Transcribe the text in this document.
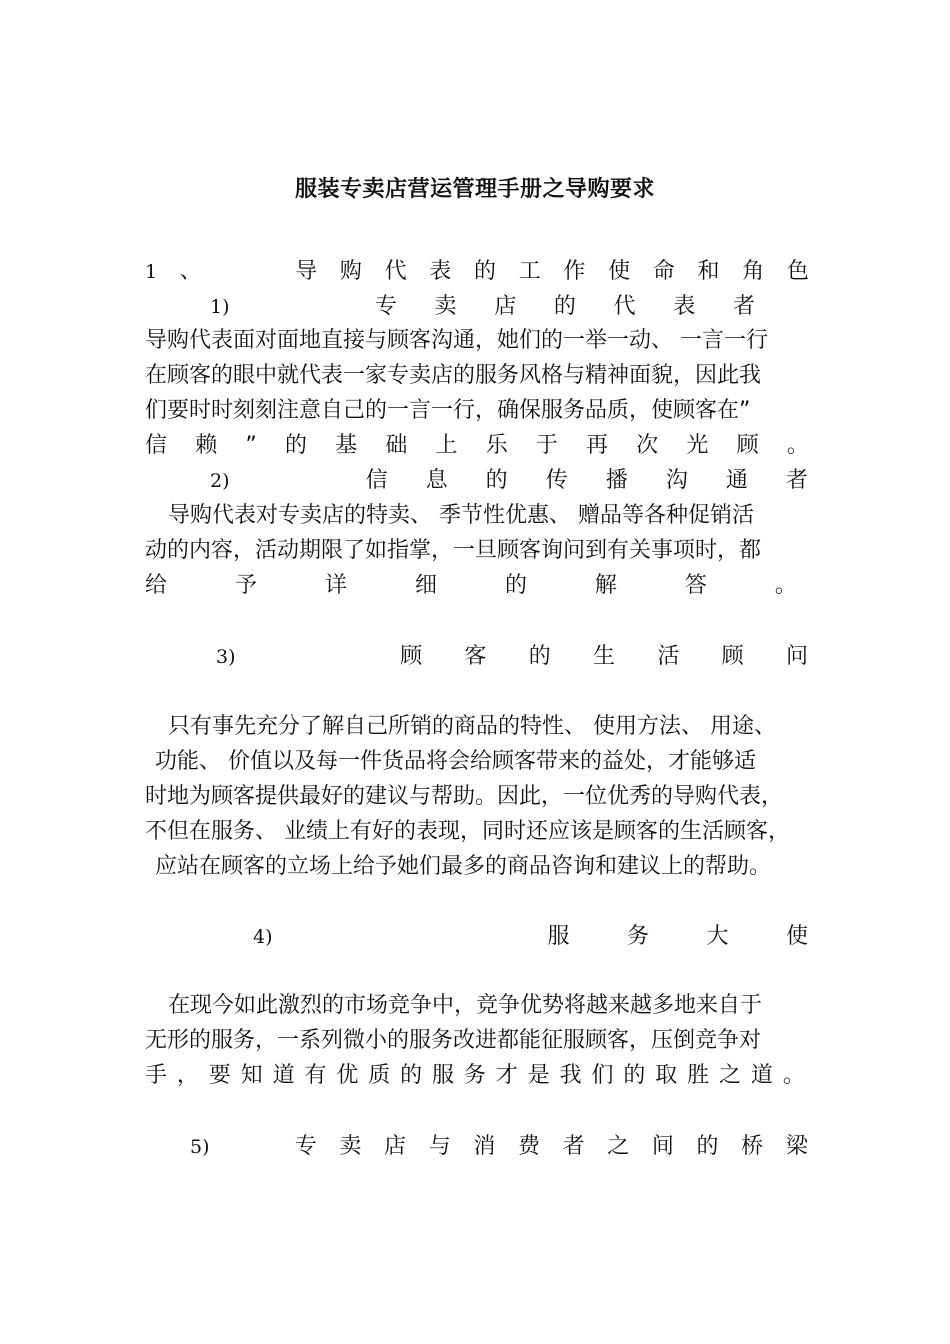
服装专卖店营运管理手册之导购要求
1 、	导 购 代 表 的 工 作 使 命 和 角 色
1)	专 卖 店 的 代 表 者
导购代表面对面地直接与顾客沟通，她们的一举一动、 一言一行
在顾客的眼中就代表一家专卖店的服务风格与精神面貌，因此我
们要时时刻刻注意自己的一言一行，确保服务品质，使顾客在”
信 赖 ” 的 基 础 上 乐 于 再 次 光 顾 。
2)	信 息 的 传 播 沟 通 者
导购代表对专卖店的特卖、 季节性优惠、 赠品等各种促销活
动的内容，活动期限了如指掌，一旦顾客询问到有关事项时，都
给	予	详	细	的	解	答	。
3)	顾 客 的 生 活 顾 问
只有事先充分了解自己所销的商品的特性、 使用方法、 用途、
功能、 价值以及每一件货品将会给顾客带来的益处，才能够适
时地为顾客提供最好的建议与帮助。因此，一位优秀的导购代表，
不但在服务、 业绩上有好的表现，同时还应该是顾客的生活顾客，
应站在顾客的立场上给予她们最多的商品咨询和建议上的帮助。
4)	服	务	大	使
在现今如此激烈的市场竞争中，竞争优势将越来越多地来自于
无形的服务，一系列微小的服务改进都能征服顾客，压倒竞争对
手 ， 要 知 道 有 优 质 的 服 务 才 是 我 们 的 取 胜 之 道 。
5)	专 卖 店 与 消 费 者 之 间 的 桥 梁
